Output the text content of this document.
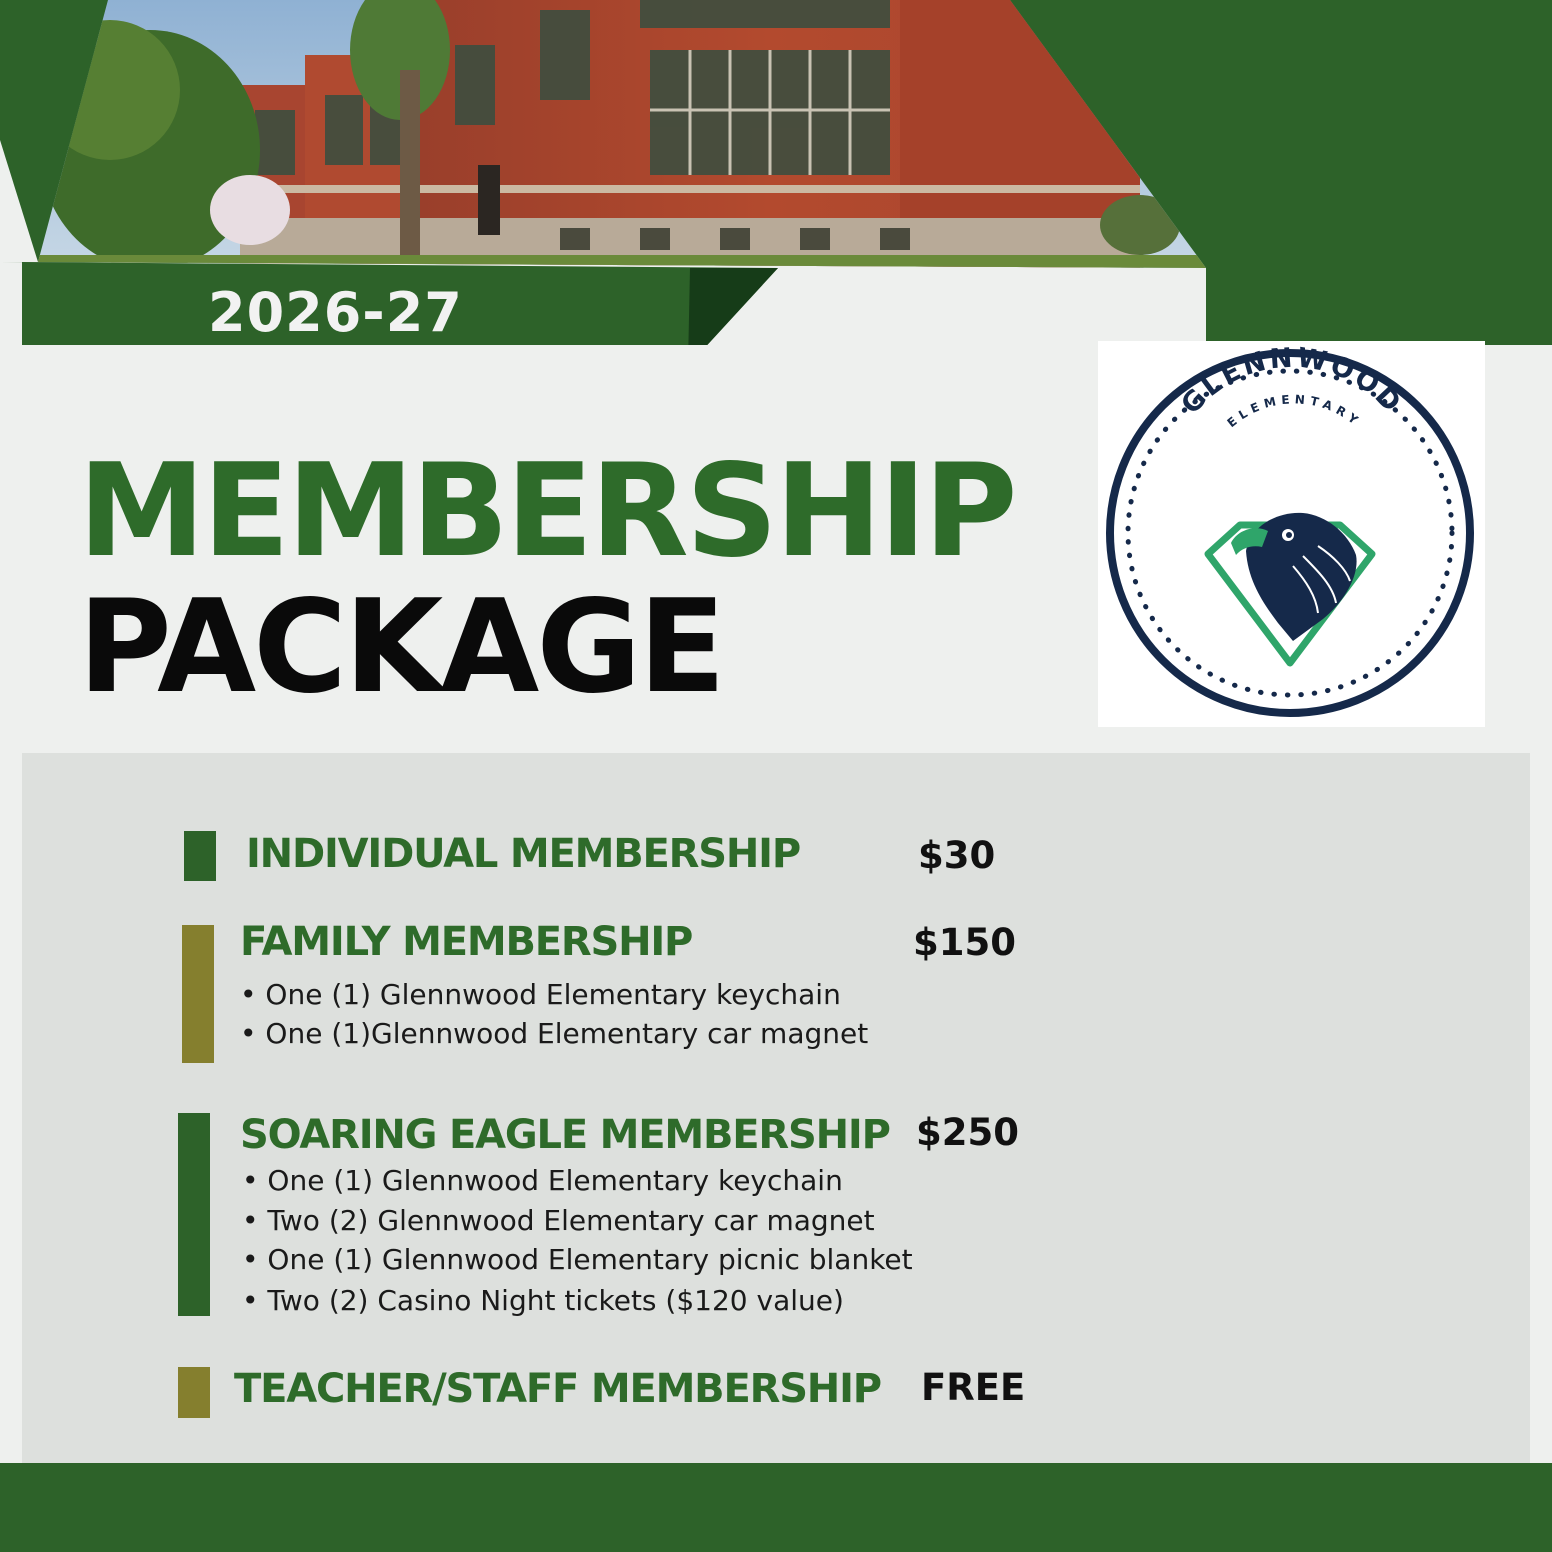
2026-27
MEMBERSHIP
PACKAGE
GLENNWOOD
ELEMENTARY
INDIVIDUAL MEMBERSHIP	$30
FAMILY MEMBERSHIP	$150
• One (1) Glennwood Elementary keychain
• One (1)Glennwood Elementary car magnet
SOARING EAGLE MEMBERSHIP $250
• One (1) Glennwood Elementary keychain
• Two (2) Glennwood Elementary car magnet
• One (1) Glennwood Elementary picnic blanket
• Two (2) Casino Night tickets ($120 value)
TEACHER/STAFF MEMBERSHIP FREE
